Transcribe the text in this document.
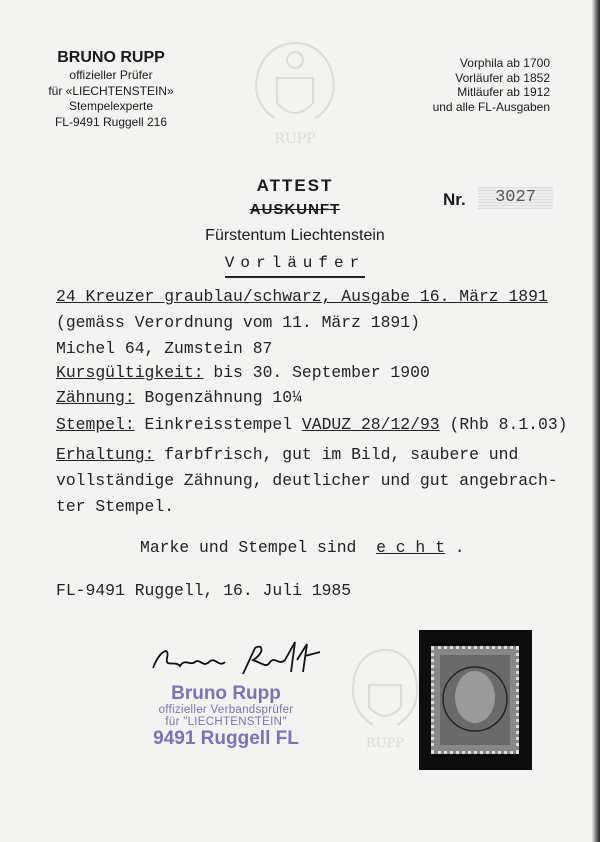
BRUNO RUPP
offizieller Prüfer
für «LIECHTENSTEIN»
Stempelexperte
FL-9491 Ruggell 216
RUPP
Vorphila ab 1700
Vorläufer ab 1852
Mitläufer ab 1912
und alle FL-Ausgaben
ATTEST
AUSKUNFT
Fürstentum Liechtenstein
Vorläufer
Nr.	3027
24 Kreuzer graublau/schwarz, Ausgabe 16. März 1891
(gemäss Verordnung vom 11. März 1891)
Michel 64, Zumstein 87
Kursgültigkeit: bis 30. September 1900
Zähnung: Bogenzähnung 10¼
Stempel: Einkreisstempel VADUZ 28/12/93 (Rhb 8.1.03)
Erhaltung: farbfrisch, gut im Bild, saubere und
vollständige Zähnung, deutlicher und gut angebrach-
ter Stempel.
Marke und Stempel sind  e c h t .
FL-9491 Ruggell, 16. Juli 1985
Bruno Rupp
offizieller Verbandsprüfer
für "LIECHTENSTEIN"
9491 Ruggell FL	RUPP
